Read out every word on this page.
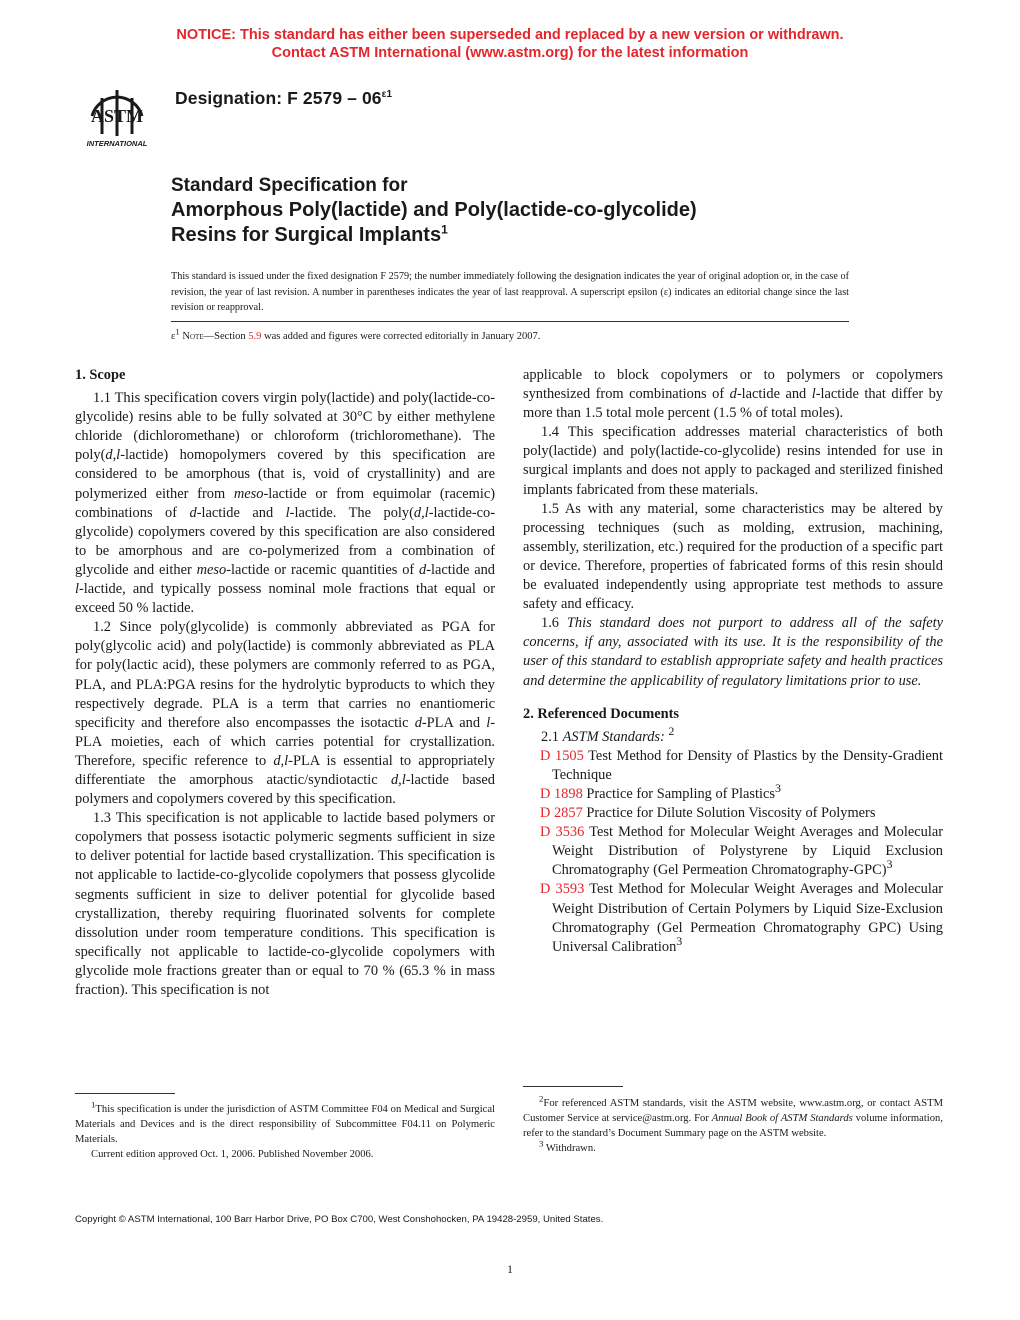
NOTICE: This standard has either been superseded and replaced by a new version or withdrawn.
Contact ASTM International (www.astm.org) for the latest information
ASTM
INTERNATIONAL
Designation: F $2579 - 06^{\varepsilon 1}$
Standard Specification for
Amorphous Poly(lactide) and Poly(lactide-co-glycolide)
Resins for Surgical Implants$^1$
This standard is issued under the fixed designation F 2579; the number immediately following the designation indicates the year of original adoption or, in the case of revision, the year of last revision. A number in parentheses indicates the year of last reapproval. A superscript epsilon (ε) indicates an editorial change since the last revision or reapproval.
$\varepsilon^1$ Note—Section 5.9 was added and figures were corrected editorially in January 2007.
1. Scope

1.1 This specification covers virgin poly(lactide) and poly(lactide-co-glycolide) resins able to be fully solvated at 30°C by either methylene chloride (dichloromethane) or chloroform (trichloromethane). The poly(d,l-lactide) homopolymers covered by this specification are considered to be amorphous (that is, void of crystallinity) and are polymerized either from meso-lactide or from equimolar (racemic) combinations of d-lactide and l-lactide. The poly(d,l-lactide-co-glycolide) copolymers covered by this specification are also considered to be amorphous and are co-polymerized from a combination of glycolide and either meso-lactide or racemic quantities of d-lactide and l-lactide, and typically possess nominal mole fractions that equal or exceed 50 % lactide.

1.2 Since poly(glycolide) is commonly abbreviated as PGA for poly(glycolic acid) and poly(lactide) is commonly abbreviated as PLA for poly(lactic acid), these polymers are commonly referred to as PGA, PLA, and PLA:PGA resins for the hydrolytic byproducts to which they respectively degrade. PLA is a term that carries no enantiomeric specificity and therefore also encompasses the isotactic d-PLA and l-PLA moieties, each of which carries potential for crystallization. Therefore, specific reference to d,l-PLA is essential to appropriately differentiate the amorphous atactic/syndiotactic d,l-lactide based polymers and copolymers covered by this specification.

1.3 This specification is not applicable to lactide based polymers or copolymers that possess isotactic polymeric segments sufficient in size to deliver potential for lactide based crystallization. This specification is not applicable to lactide-co-glycolide copolymers that possess glycolide segments sufficient in size to deliver potential for glycolide based crystallization, thereby requiring fluorinated solvents for complete dissolution under room temperature conditions. This specification is specifically not applicable to lactide-co-glycolide copolymers with glycolide mole fractions greater than or equal to 70 % (65.3 % in mass fraction). This specification is not

applicable to block copolymers or to polymers or copolymers synthesized from combinations of d-lactide and l-lactide that differ by more than 1.5 total mole percent (1.5 % of total moles).

1.4 This specification addresses material characteristics of both poly(lactide) and poly(lactide-co-glycolide) resins intended for use in surgical implants and does not apply to packaged and sterilized finished implants fabricated from these materials.

1.5 As with any material, some characteristics may be altered by processing techniques (such as molding, extrusion, machining, assembly, sterilization, etc.) required for the production of a specific part or device. Therefore, properties of fabricated forms of this resin should be evaluated independently using appropriate test methods to assure safety and efficacy.

1.6 This standard does not purport to address all of the safety concerns, if any, associated with its use. It is the responsibility of the user of this standard to establish appropriate safety and health practices and determine the applicability of regulatory limitations prior to use.

2. Referenced Documents

2.1 ASTM Standards: $^2$

D 1505 Test Method for Density of Plastics by the Density-Gradient Technique

D 1898 Practice for Sampling of Plastics$^3$

D 2857 Practice for Dilute Solution Viscosity of Polymers

D 3536 Test Method for Molecular Weight Averages and Molecular Weight Distribution of Polystyrene by Liquid Exclusion Chromatography (Gel Permeation Chromatography-GPC)$^3$

D 3593 Test Method for Molecular Weight Averages and Molecular Weight Distribution of Certain Polymers by Liquid Size-Exclusion Chromatography (Gel Permeation Chromatography GPC) Using Universal Calibration$^3$

$^1$This specification is under the jurisdiction of ASTM Committee F04 on Medical and Surgical Materials and Devices and is the direct responsibility of Subcommittee F04.11 on Polymeric Materials.

Current edition approved Oct. 1, 2006. Published November 2006.

$^2$For referenced ASTM standards, visit the ASTM website, www.astm.org, or contact ASTM Customer Service at service@astm.org. For Annual Book of ASTM Standards volume information, refer to the standard’s Document Summary page on the ASTM website.

$^3$ Withdrawn.

Copyright © ASTM International, 100 Barr Harbor Drive, PO Box C700, West Conshohocken, PA 19428-2959, United States.
1
